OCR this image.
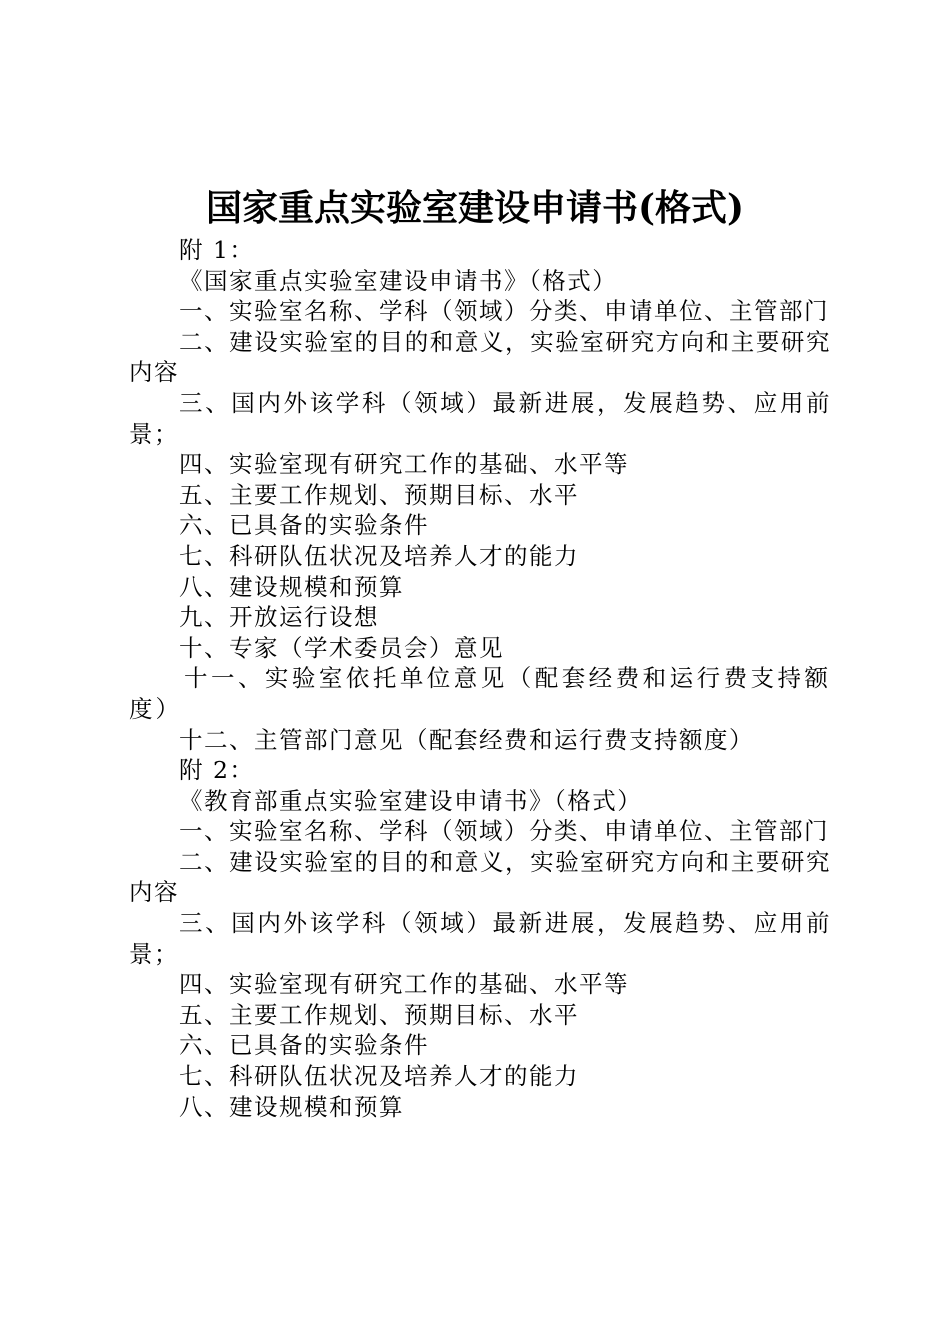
国家重点实验室建设申请书(格式)

附 1：

《国家重点实验室建设申请书》（格式）

一、实验室名称、学科（领域）分类、申请单位、主管部门

二、建设实验室的目的和意义，实验室研究方向和主要研究内容

三、国内外该学科（领域）最新进展，发展趋势、应用前景；

四、实验室现有研究工作的基础、水平等

五、主要工作规划、预期目标、水平

六、已具备的实验条件

七、科研队伍状况及培养人才的能力

八、建设规模和预算

九、开放运行设想

十、专家（学术委员会）意见

十一、实验室依托单位意见（配套经费和运行费支持额度）

十二、主管部门意见（配套经费和运行费支持额度）

附 2：

《教育部重点实验室建设申请书》（格式）

一、实验室名称、学科（领域）分类、申请单位、主管部门

二、建设实验室的目的和意义，实验室研究方向和主要研究内容

三、国内外该学科（领域）最新进展，发展趋势、应用前景；

四、实验室现有研究工作的基础、水平等

五、主要工作规划、预期目标、水平

六、已具备的实验条件

七、科研队伍状况及培养人才的能力

八、建设规模和预算
